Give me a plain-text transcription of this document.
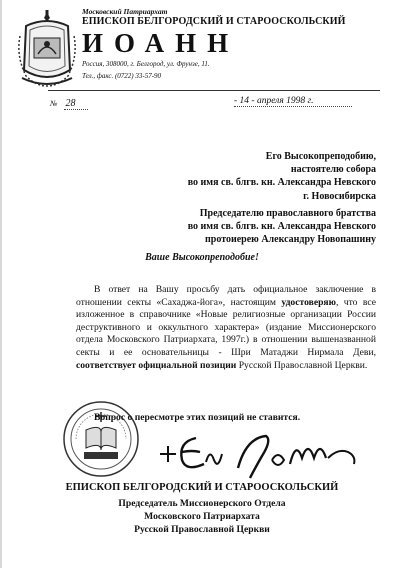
Московский Патриархат
ЕПИСКОП БЕЛГОРОДСКИЙ И СТАРООСКОЛЬСКИЙ
ИОАНН
Россия, 308000, г. Белгород, ул. Фрунзе, 11.
Тел., факс. (0722) 33-57-90
№ 28	- 14 - апреля 1998 г.
Его Высокопреподобию,
настоятелю собора
во имя св. блгв. кн. Александра Невского
г. Новосибирска
Председателю православного братства
во имя св. блгв. кн. Александра Невского
протоиерею Александру Новопашину
Ваше Высокопреподобие!

В ответ на Вашу просьбу дать официальное заключение в отношении секты «Сахаджа-йога», настоящим удостоверяю, что все изложенное в справочнике «Новые религиозные организации России деструктивного и оккультного характера» (издание Миссионерского отдела Московского Патриархата, 1997г.) в отношении вышеназванной секты и ее основательницы - Шри Матаджи Нирмала Деви, соответствует официальной позиции Русской Православной Церкви.

Вопрос о пересмотре этих позиций не ставится.
ЕПИСКОП БЕЛГОРОДСКИЙ И СТАРООСКОЛЬСКИЙ
Председатель Миссионерского Отдела
Московского Патриархата
Русской Православной Церкви
